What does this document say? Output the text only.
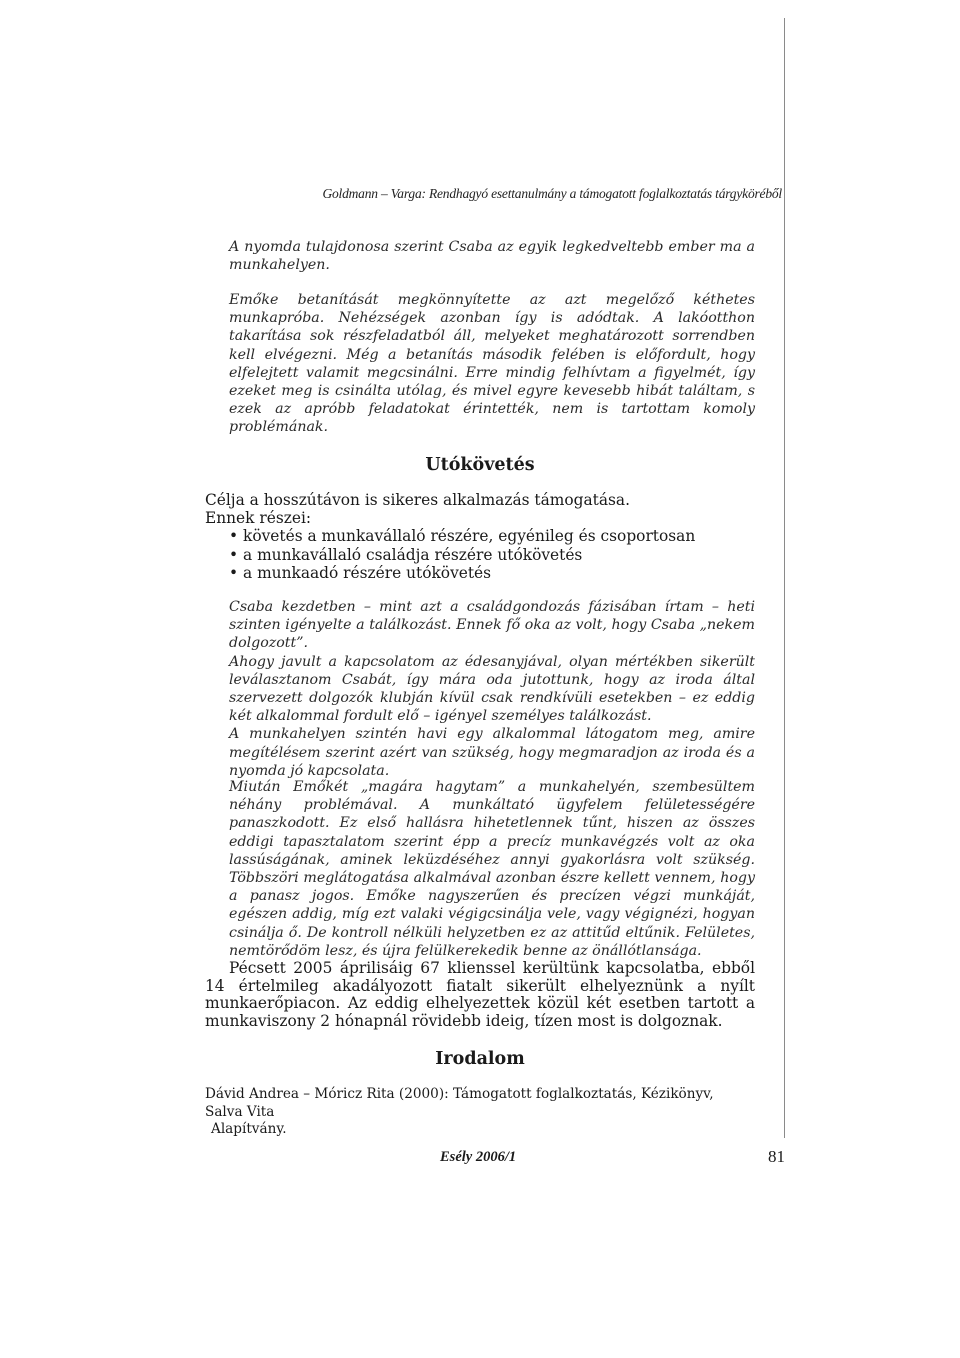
Goldmann – Varga: Rendhagyó esettanulmány a támogatott foglalkoztatás tárgyköréből

A nyomda tulajdonosa szerint Csaba az egyik legkedveltebb ember ma a munkahelyen.

Emőke betanítását megkönnyítette az azt megelőző kéthetes munkapróba. Nehézségek azonban így is adódtak. A lakóotthon takarítása sok részfeladatból áll, melyeket meghatározott sorrendben kell elvégezni. Még a betanítás második felében is előfordult, hogy elfelejtett valamit megcsinálni. Erre mindig felhívtam a figyelmét, így ezeket meg is csinálta utólag, és mivel egyre kevesebb hibát találtam, s ezek az apróbb feladatokat érintették, nem is tartottam komoly problémának.

Utókövetés

Célja a hosszútávon is sikeres alkalmazás támogatása.

Ennek részei:

• követés a munkavállaló részére, egyénileg és csoportosan
• a munkavállaló családja részére utókövetés
• a munkaadó részére utókövetés

Csaba kezdetben – mint azt a családgondozás fázisában írtam – heti szinten igényelte a találkozást. Ennek fő oka az volt, hogy Csaba „nekem dolgozott”.

Ahogy javult a kapcsolatom az édesanyjával, olyan mértékben sikerült leválasztanom Csabát, így mára oda jutottunk, hogy az iroda által szervezett dolgozók klubján kívül csak rendkívüli esetekben – ez eddig két alkalommal fordult elő – igényel személyes találkozást.

A munkahelyen szintén havi egy alkalommal látogatom meg, amire megítélésem szerint azért van szükség, hogy megmaradjon az iroda és a nyomda jó kapcsolata.

Miután Emőkét „magára hagytam” a munkahelyén, szembesültem néhány problémával. A munkáltató ügyfelem felületességére panaszkodott. Ez első hallásra hihetetlennek tűnt, hiszen az összes eddigi tapasztalatom szerint épp a precíz munkavégzés volt az oka lassúságának, aminek leküzdéséhez annyi gyakorlásra volt szükség. Többszöri meglátogatása alkalmával azonban észre kellett vennem, hogy a panasz jogos. Emőke nagyszerűen és precízen végzi munkáját, egészen addig, míg ezt valaki végigcsinálja vele, vagy végignézi, hogyan csinálja ő. De kontroll nélküli helyzetben ez az attitűd eltűnik. Felületes, nemtörődöm lesz, és újra felülkerekedik benne az önállótlansága.

Pécsett 2005 áprilisáig 67 klienssel kerültünk kapcsolatba, ebből 14 értelmileg akadályozott fiatalt sikerült elhelyeznünk a nyílt munkaerőpiacon. Az eddig elhelyezettek közül két esetben tartott a munkaviszony 2 hónapnál rövidebb ideig, tízen most is dolgoznak.

Irodalom

Dávid Andrea – Móricz Rita (2000): Támogatott foglalkoztatás, Kézikönyv, Salva Vita

Alapítvány.

Esély 2006/1	81
